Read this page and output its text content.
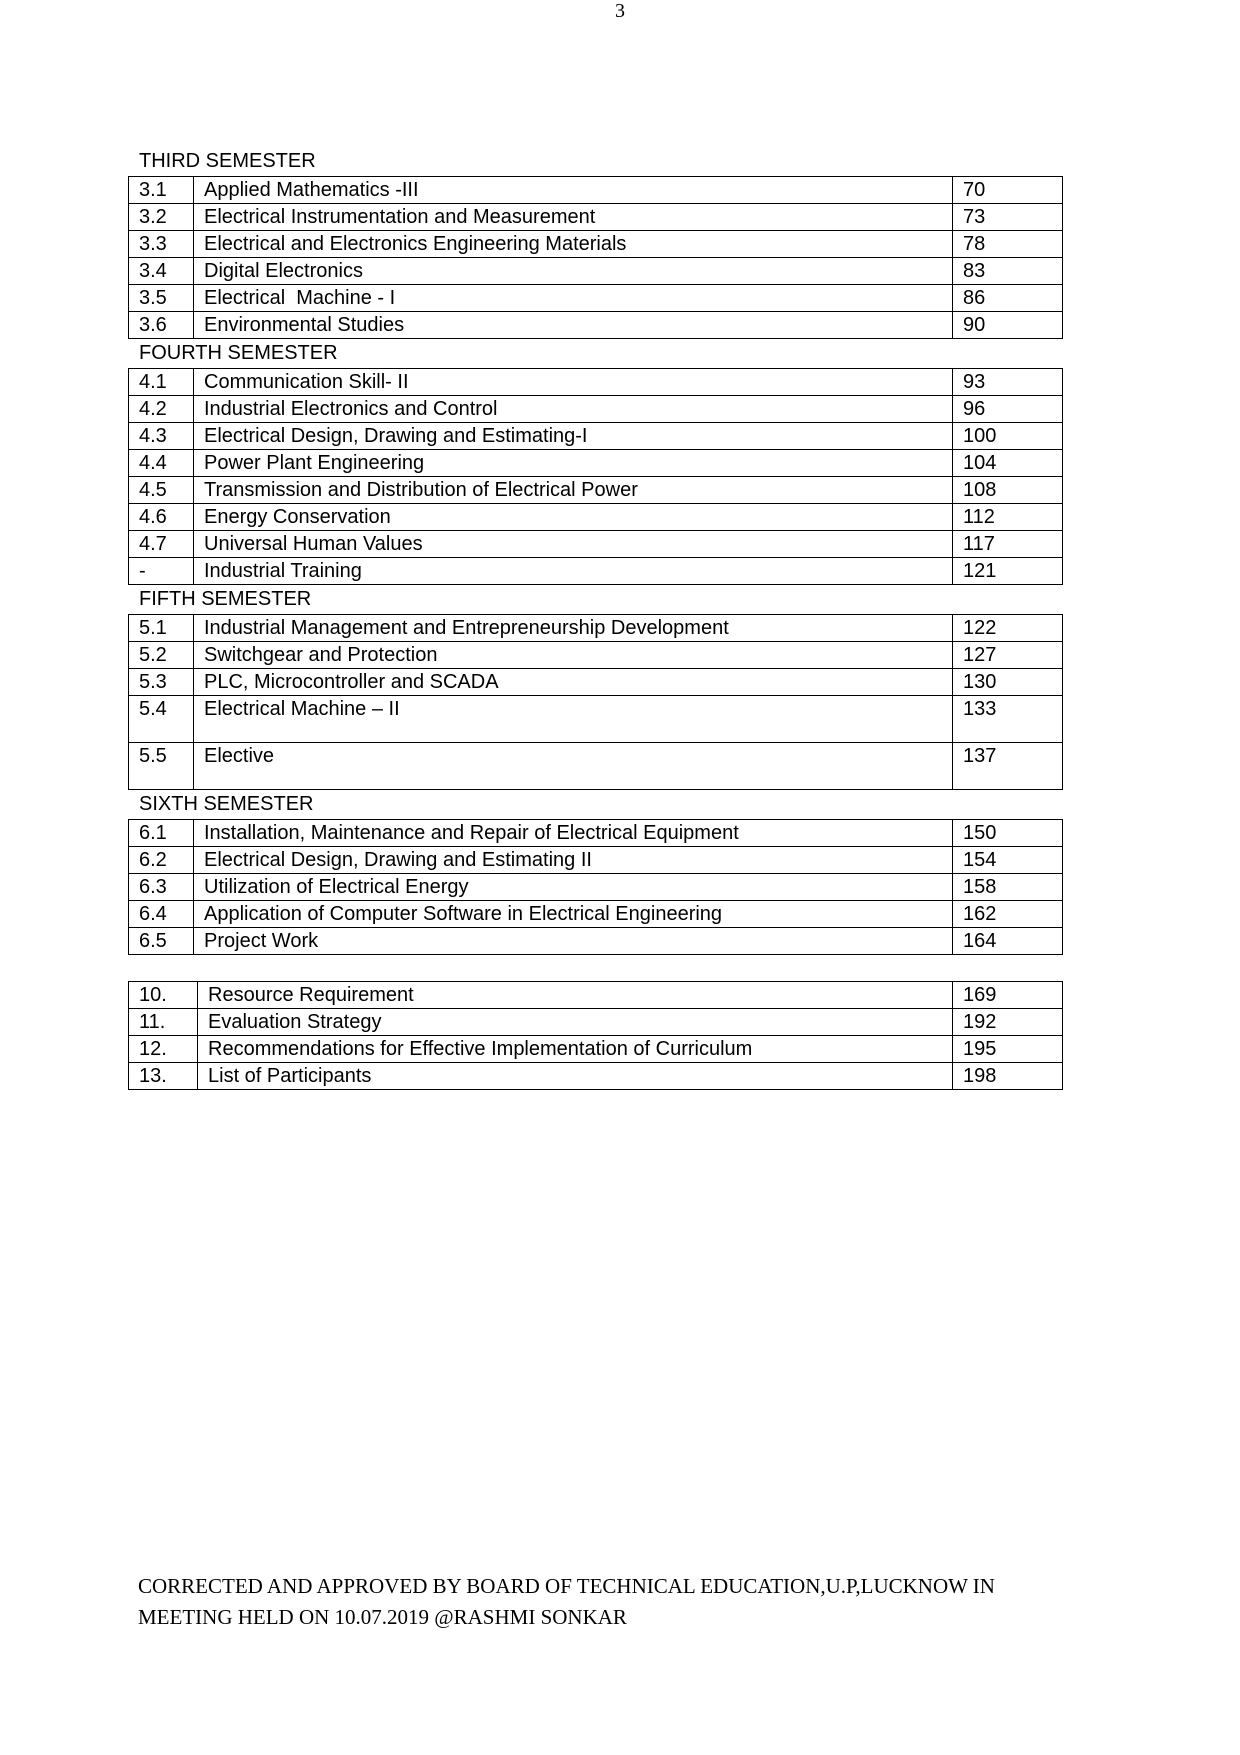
3
THIRD SEMESTER
3.1	Applied Mathematics -III	70
3.2	Electrical Instrumentation and Measurement	73
3.3	Electrical and Electronics Engineering Materials	78
3.4	Digital Electronics	83
3.5	Electrical  Machine - I	86
3.6	Environmental Studies	90
FOURTH SEMESTER
4.1	Communication Skill- II	93
4.2	Industrial Electronics and Control	96
4.3	Electrical Design, Drawing and Estimating-I	100
4.4	Power Plant Engineering	104
4.5	Transmission and Distribution of Electrical Power	108
4.6	Energy Conservation	112
4.7	Universal Human Values	117
-	Industrial Training	121
FIFTH SEMESTER
5.1	Industrial Management and Entrepreneurship Development	122
5.2	Switchgear and Protection	127
5.3	PLC, Microcontroller and SCADA	130
5.4	Electrical Machine – II	133
5.5	Elective	137
SIXTH SEMESTER
6.1	Installation, Maintenance and Repair of Electrical Equipment	150
6.2	Electrical Design, Drawing and Estimating II	154
6.3	Utilization of Electrical Energy	158
6.4	Application of Computer Software in Electrical Engineering	162
6.5	Project Work	164
10.	Resource Requirement	169
11.	Evaluation Strategy	192
12.	Recommendations for Effective Implementation of Curriculum	195
13.	List of Participants	198
CORRECTED AND APPROVED BY BOARD OF TECHNICAL EDUCATION,U.P,LUCKNOW IN
MEETING HELD ON 10.07.2019 @RASHMI SONKAR
